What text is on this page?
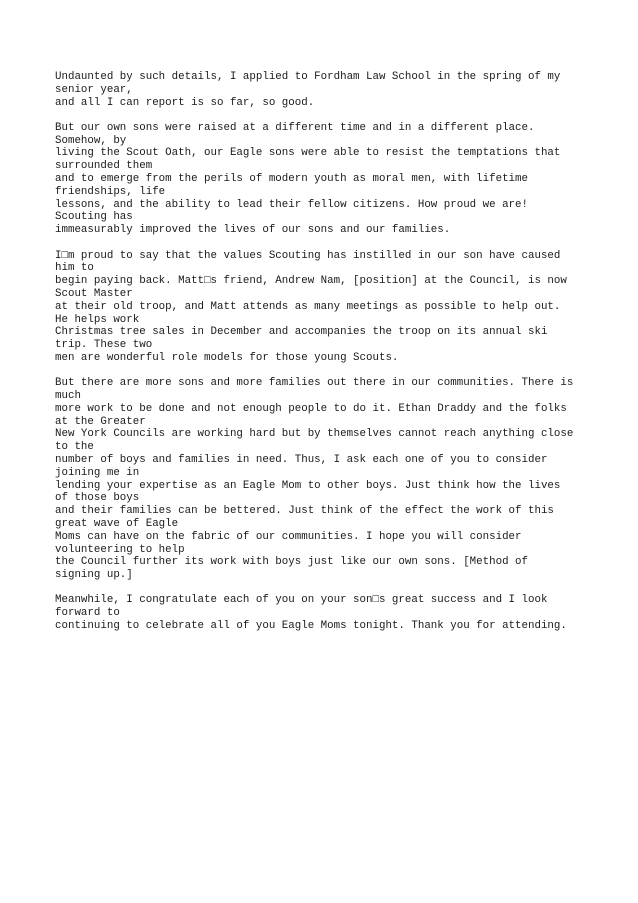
Undaunted by such details, I applied to Fordham Law School in the spring of my
senior year,
and all I can report is so far, so good.
But our own sons were raised at a different time and in a different place.
Somehow, by
living the Scout Oath, our Eagle sons were able to resist the temptations that
surrounded them
and to emerge from the perils of modern youth as moral men, with lifetime
friendships, life
lessons, and the ability to lead their fellow citizens. How proud we are!
Scouting has
immeasurably improved the lives of our sons and our families.
I□m proud to say that the values Scouting has instilled in our son have caused
him to
begin paying back. Matt□s friend, Andrew Nam, [position] at the Council, is now
Scout Master
at their old troop, and Matt attends as many meetings as possible to help out.
He helps work
Christmas tree sales in December and accompanies the troop on its annual ski
trip. These two
men are wonderful role models for those young Scouts.
But there are more sons and more families out there in our communities. There is
much
more work to be done and not enough people to do it. Ethan Draddy and the folks
at the Greater
New York Councils are working hard but by themselves cannot reach anything close
to the
number of boys and families in need. Thus, I ask each one of you to consider
joining me in
lending your expertise as an Eagle Mom to other boys. Just think how the lives
of those boys
and their families can be bettered. Just think of the effect the work of this
great wave of Eagle
Moms can have on the fabric of our communities. I hope you will consider
volunteering to help
the Council further its work with boys just like our own sons. [Method of
signing up.]
Meanwhile, I congratulate each of you on your son□s great success and I look
forward to
continuing to celebrate all of you Eagle Moms tonight. Thank you for attending.
